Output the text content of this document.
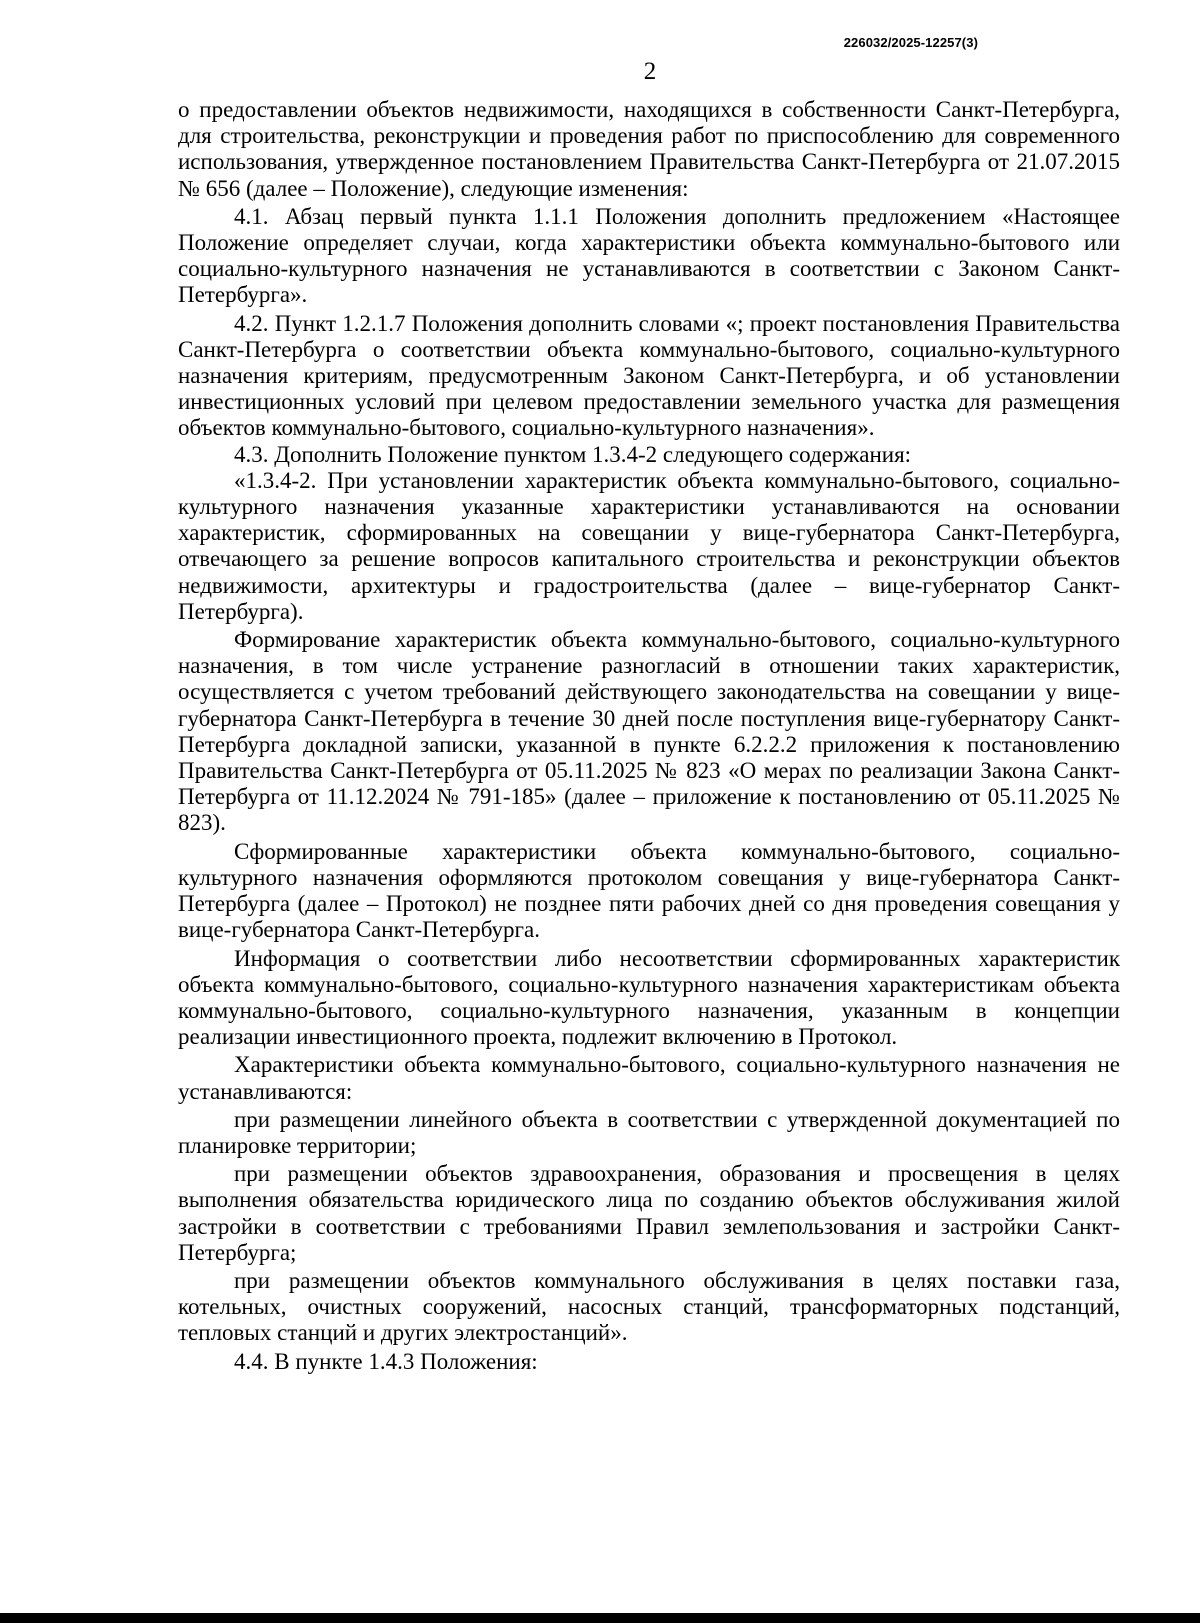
226032/2025-12257(3)
2

о предоставлении объектов недвижимости, находящихся в собственности Санкт-Петербурга, для строительства, реконструкции и проведения работ по приспособлению для современного использования, утвержденное постановлением Правительства Санкт-Петербурга от 21.07.2015 № 656 (далее – Положение), следующие изменения:

4.1. Абзац первый пункта 1.1.1 Положения дополнить предложением «Настоящее Положение определяет случаи, когда характеристики объекта коммунально-бытового или социально-культурного назначения не устанавливаются в соответствии с Законом Санкт-Петербурга».

4.2. Пункт 1.2.1.7 Положения дополнить словами «; проект постановления Правительства Санкт-Петербурга о соответствии объекта коммунально-бытового, социально-культурного назначения критериям, предусмотренным Законом Санкт-Петербурга, и об установлении инвестиционных условий при целевом предоставлении земельного участка для размещения объектов коммунально-бытового, социально-культурного назначения».

4.3. Дополнить Положение пунктом 1.3.4-2 следующего содержания:

«1.3.4-2. При установлении характеристик объекта коммунально-бытового, социально-культурного назначения указанные характеристики устанавливаются на основании характеристик, сформированных на совещании у вице-губернатора Санкт-Петербурга, отвечающего за решение вопросов капитального строительства и реконструкции объектов недвижимости, архитектуры и градостроительства (далее – вице-губернатор Санкт-Петербурга).

Формирование характеристик объекта коммунально-бытового, социально-культурного назначения, в том числе устранение разногласий в отношении таких характеристик, осуществляется с учетом требований действующего законодательства на совещании у вице-губернатора Санкт-Петербурга в течение 30 дней после поступления вице-губернатору Санкт-Петербурга докладной записки, указанной в пункте 6.2.2.2 приложения к постановлению Правительства Санкт-Петербурга от 05.11.2025 № 823 «О мерах по реализации Закона Санкт-Петербурга от 11.12.2024 № 791-185» (далее – приложение к постановлению от 05.11.2025 № 823).

Сформированные характеристики объекта коммунально-бытового, социально-культурного назначения оформляются протоколом совещания у вице-губернатора Санкт-Петербурга (далее – Протокол) не позднее пяти рабочих дней со дня проведения совещания у вице-губернатора Санкт-Петербурга.

Информация о соответствии либо несоответствии сформированных характеристик объекта коммунально-бытового, социально-культурного назначения характеристикам объекта коммунально-бытового, социально-культурного назначения, указанным в концепции реализации инвестиционного проекта, подлежит включению в Протокол.

Характеристики объекта коммунально-бытового, социально-культурного назначения не устанавливаются:

при размещении линейного объекта в соответствии с утвержденной документацией по планировке территории;

при размещении объектов здравоохранения, образования и просвещения в целях выполнения обязательства юридического лица по созданию объектов обслуживания жилой застройки в соответствии с требованиями Правил землепользования и застройки Санкт-Петербурга;

при размещении объектов коммунального обслуживания в целях поставки газа, котельных, очистных сооружений, насосных станций, трансформаторных подстанций, тепловых станций и других электростанций».

4.4. В пункте 1.4.3 Положения:
